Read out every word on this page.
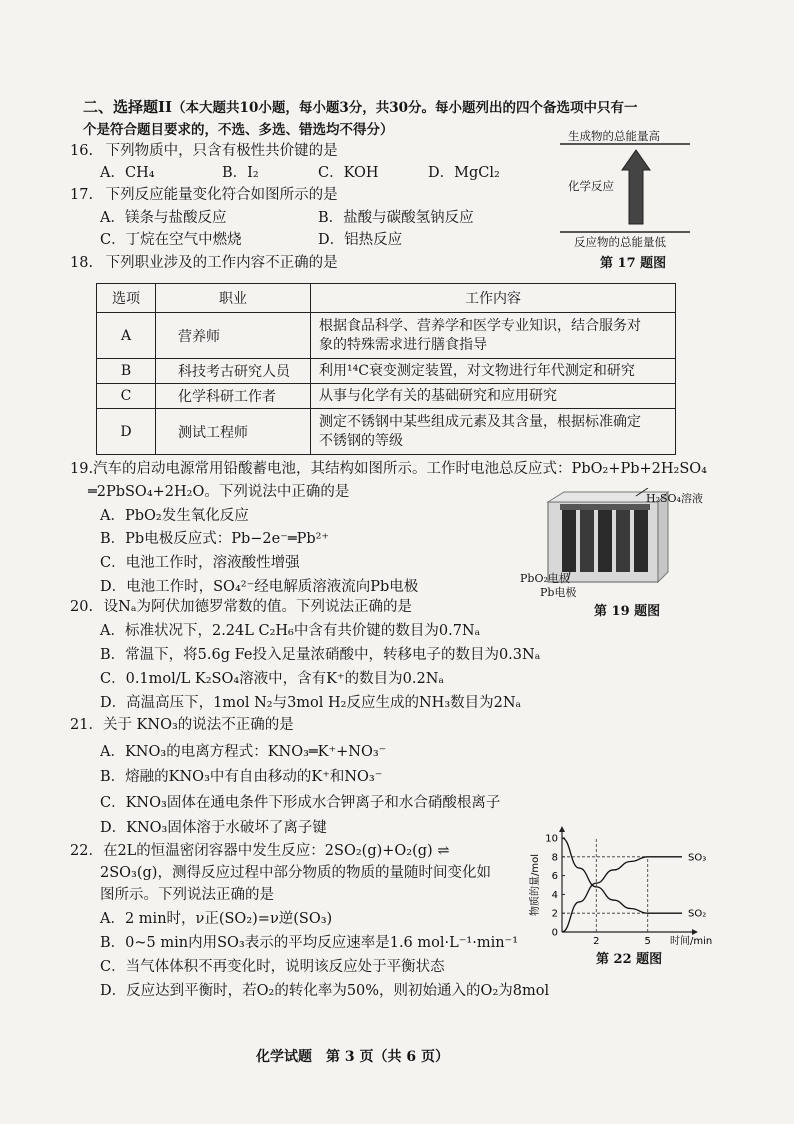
二、选择题II（本大题共10小题，每小题3分，共30分。每小题列出的四个备选项中只有一
个是符合题目要求的，不选、多选、错选均不得分）
16. 下列物质中，只含有极性共价键的是
A．CH₄	B．I₂	C．KOH	D．MgCl₂
17. 下列反应能量变化符合如图所示的是
A．镁条与盐酸反应	B．盐酸与碳酸氢钠反应
C．丁烷在空气中燃烧	D．铝热反应
生成物的总能量高
化学反应
反应物的总能量低
第 17 题图
18. 下列职业涉及的工作内容不正确的是
选项	职业	工作内容
A	营养师	根据食品科学、营养学和医学专业知识，结合服务对
象的特殊需求进行膳食指导
B	科技考古研究人员	利用¹⁴C衰变测定装置，对文物进行年代测定和研究
C	化学科研工作者	从事与化学有关的基础研究和应用研究
D	测试工程师	测定不锈钢中某些组成元素及其含量，根据标准确定
不锈钢的等级
19.汽车的启动电源常用铅酸蓄电池，其结构如图所示。工作时电池总反应式：PbO₂+Pb+2H₂SO₄
═2PbSO₄+2H₂O。下列说法中正确的是
A．PbO₂发生氧化反应
B．Pb电极反应式：Pb−2e⁻═Pb²⁺
C．电池工作时，溶液酸性增强
D．电池工作时，SO₄²⁻经电解质溶液流向Pb电极
H₂SO₄溶液
PbO₂电极
Pb电极
第 19 题图
20. 设Nₐ为阿伏加德罗常数的值。下列说法正确的是
A．标准状况下，2.24L C₂H₆中含有共价键的数目为0.7Nₐ
B．常温下，将5.6g Fe投入足量浓硝酸中，转移电子的数目为0.3Nₐ
C．0.1mol/L K₂SO₄溶液中，含有K⁺的数目为0.2Nₐ
D．高温高压下，1mol N₂与3mol H₂反应生成的NH₃数目为2Nₐ
21．关于 KNO₃的说法不正确的是
A．KNO₃的电离方程式：KNO₃═K⁺+NO₃⁻
B．熔融的KNO₃中有自由移动的K⁺和NO₃⁻
C．KNO₃固体在通电条件下形成水合钾离子和水合硝酸根离子
D．KNO₃固体溶于水破坏了离子键
22．在2L的恒温密闭容器中发生反应：2SO₂(g)+O₂(g) ⇌
2SO₃(g)，测得反应过程中部分物质的物质的量随时间变化如
图所示。下列说法正确的是
A．2 min时，ν正(SO₂)=ν逆(SO₃)
B．0~5 min内用SO₃表示的平均反应速率是1.6 mol·L⁻¹·min⁻¹
C．当气体体积不再变化时，说明该反应处于平衡状态
D．反应达到平衡时，若O₂的转化率为50%，则初始通入的O₂为8mol
0
2
4
6
8
10
2	5
SO₃
SO₂
时间/min
物质的量/mol
第 22 题图
化学试题　第 3 页（共 6 页）
